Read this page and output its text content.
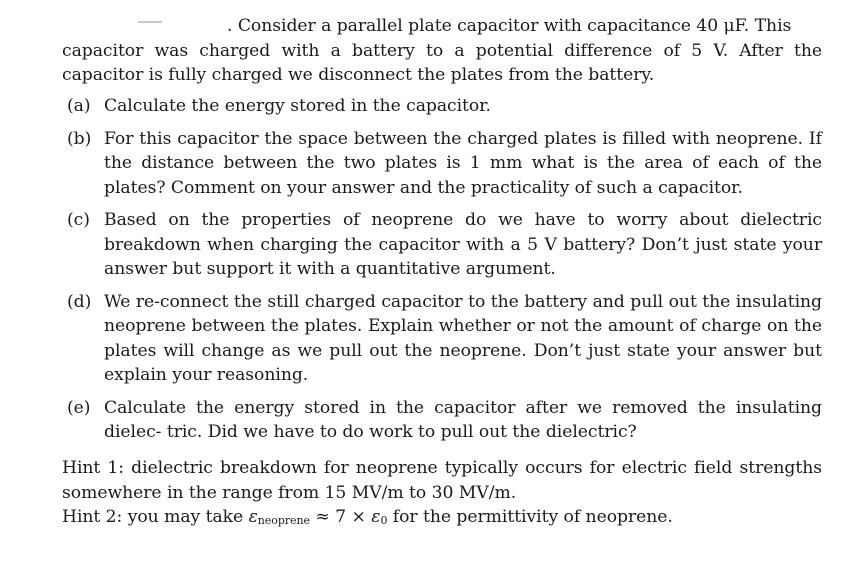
. Consider a parallel plate capacitor with capacitance 40 μF. This
capacitor was charged with a battery to a potential difference of 5 V. After the capacitor is fully charged we disconnect the plates from the battery.
(a) Calculate the energy stored in the capacitor.
(b) For this capacitor the space between the charged plates is filled with neoprene. If the distance between the two plates is 1 mm what is the area of each of the plates? Comment on your answer and the practicality of such a capacitor.
(c) Based on the properties of neoprene do we have to worry about dielectric breakdown when charging the capacitor with a 5 V battery? Don’t just state your answer but support it with a quantitative argument.
(d) We re-connect the still charged capacitor to the battery and pull out the insulating neoprene between the plates. Explain whether or not the amount of charge on the plates will change as we pull out the neoprene. Don’t just state your answer but explain your reasoning.
(e) Calculate the energy stored in the capacitor after we removed the insulating dielec- tric. Did we have to do work to pull out the dielectric?
Hint 1: dielectric breakdown for neoprene typically occurs for electric field strengths somewhere in the range from 15 MV/m to 30 MV/m.
Hint 2: you may take εneoprene ≈ 7 × ε0 for the permittivity of neoprene.
